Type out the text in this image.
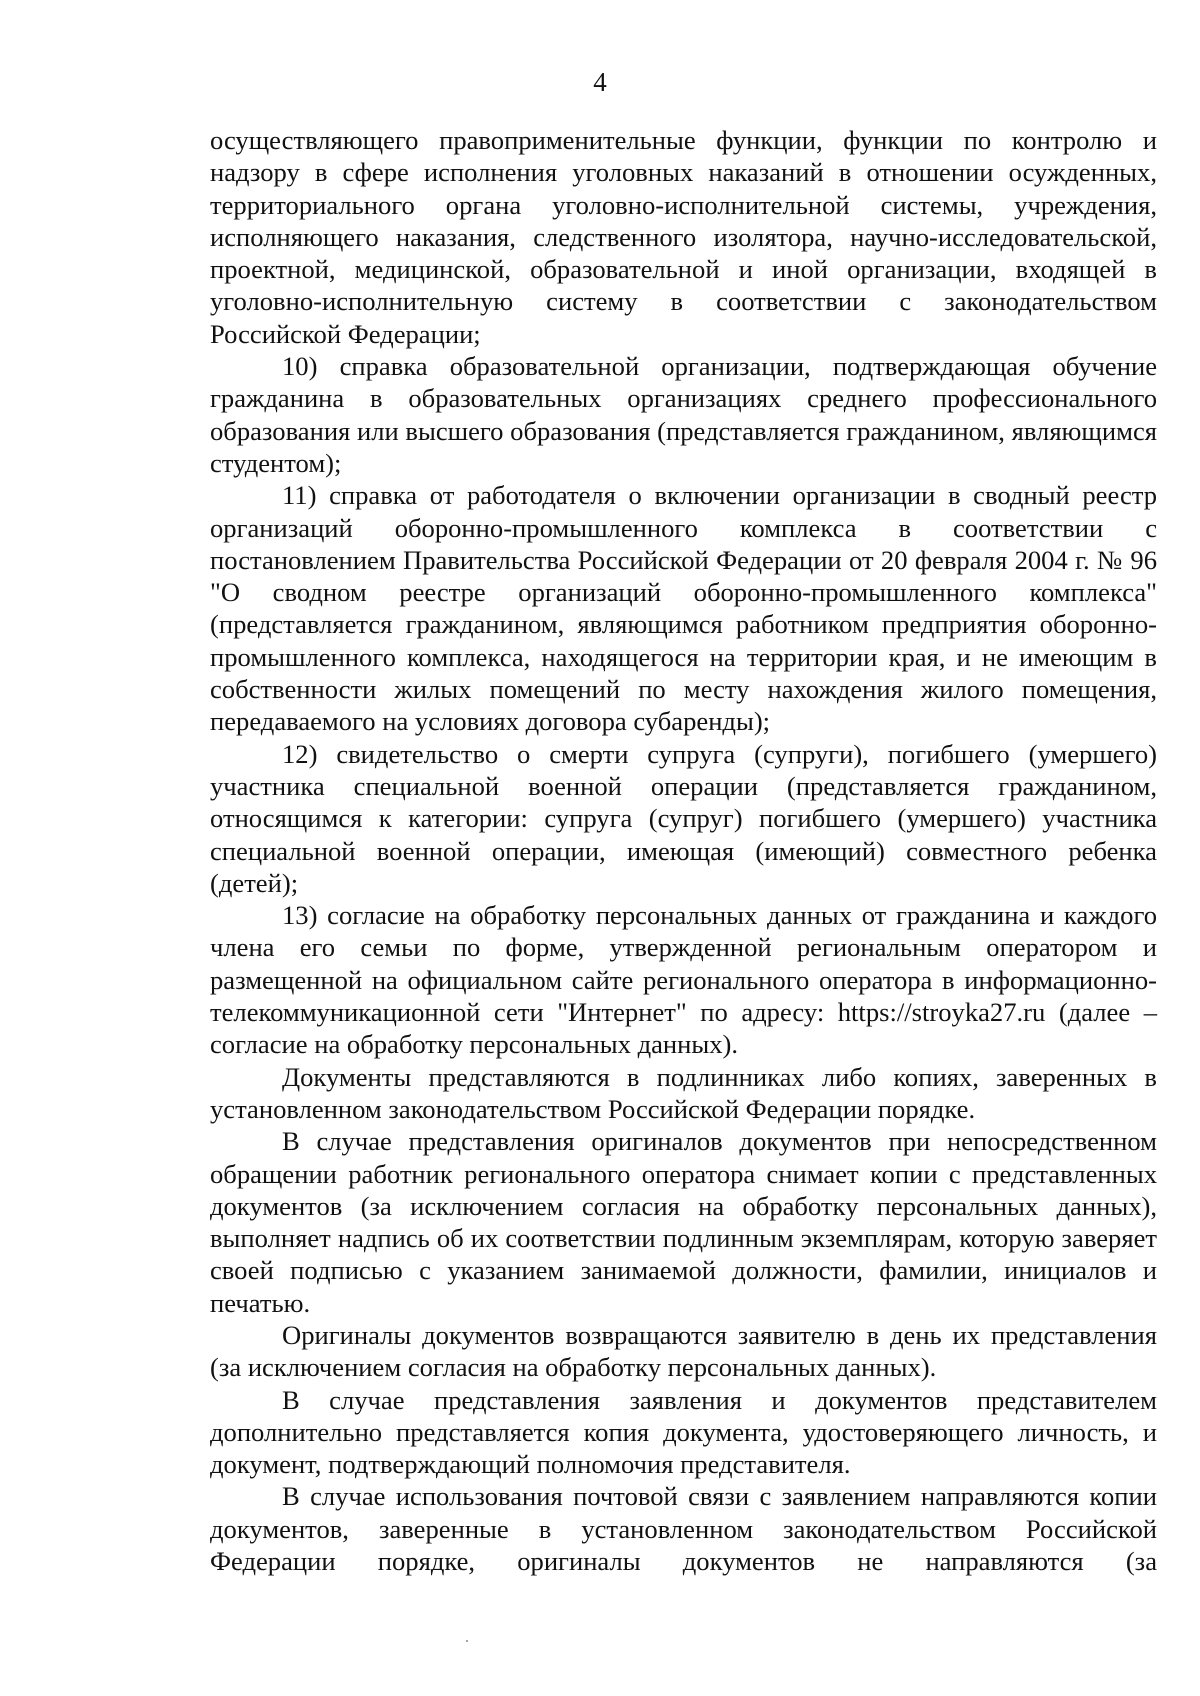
4

осуществляющего правоприменительные функции, функции по контролю и надзору в сфере исполнения уголовных наказаний в отношении осужденных, территориального органа уголовно-исполнительной системы, учреждения, исполняющего наказания, следственного изолятора, научно-исследовательской, проектной, медицинской, образовательной и иной организации, входящей в уголовно-исполнительную систему в соответствии с законодательством Российской Федерации;

10) справка образовательной организации, подтверждающая обучение гражданина в образовательных организациях среднего профессионального образования или высшего образования (представляется гражданином, являющимся студентом);

11) справка от работодателя о включении организации в сводный реестр организаций оборонно-промышленного комплекса в соответствии с постановлением Правительства Российской Федерации от 20 февраля 2004 г. № 96 "О сводном реестре организаций оборонно-промышленного комплекса" (представляется гражданином, являющимся работником предприятия оборонно-промышленного комплекса, находящегося на территории края, и не имеющим в собственности жилых помещений по месту нахождения жилого помещения, передаваемого на условиях договора субаренды);

12) свидетельство о смерти супруга (супруги), погибшего (умершего) участника специальной военной операции (представляется гражданином, относящимся к категории: супруга (супруг) погибшего (умершего) участника специальной военной операции, имеющая (имеющий) совместного ребенка (детей);

13) согласие на обработку персональных данных от гражданина и каждого члена его семьи по форме, утвержденной региональным оператором и размещенной на официальном сайте регионального оператора в информационно-телекоммуникационной сети "Интернет" по адресу: https://stroyka27.ru (далее – согласие на обработку персональных данных).

Документы представляются в подлинниках либо копиях, заверенных в установленном законодательством Российской Федерации порядке.

В случае представления оригиналов документов при непосредственном обращении работник регионального оператора снимает копии с представленных документов (за исключением согласия на обработку персональных данных), выполняет надпись об их соответствии подлинным экземплярам, которую заверяет своей подписью с указанием занимаемой должности, фамилии, инициалов и печатью.

Оригиналы документов возвращаются заявителю в день их представления (за исключением согласия на обработку персональных данных).

В случае представления заявления и документов представителем дополнительно представляется копия документа, удостоверяющего личность, и документ, подтверждающий полномочия представителя.

В случае использования почтовой связи с заявлением направляются копии документов, заверенные в установленном законодательством Российской Федерации порядке, оригиналы документов не направляются (за
